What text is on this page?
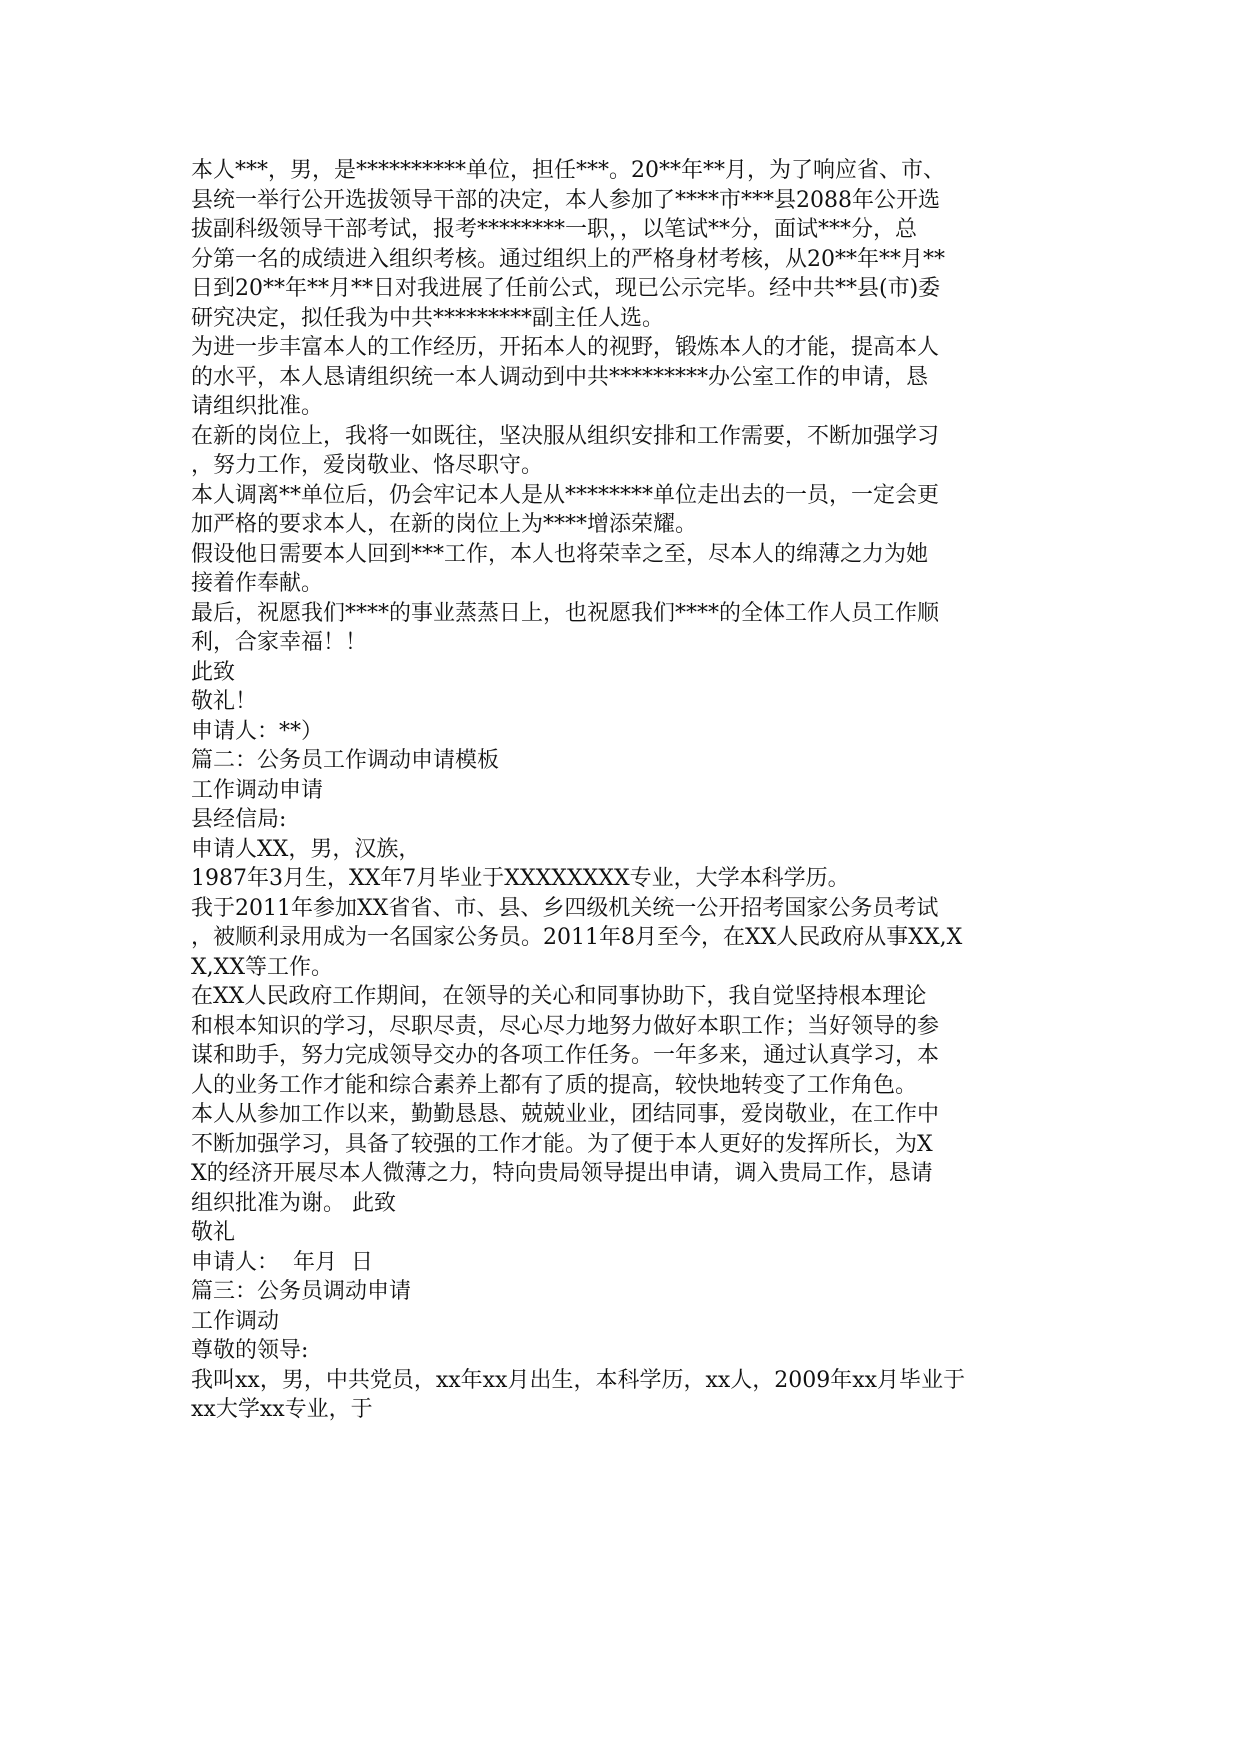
本人***，男，是**********单位，担任***。20**年**月，为了响应省、市、
县统一举行公开选拔领导干部的决定，本人参加了****市***县2088年公开选
拔副科级领导干部考试，报考********一职，，以笔试**分，面试***分，总
分第一名的成绩进入组织考核。通过组织上的严格身材考核，从20**年**月**
日到20**年**月**日对我进展了任前公式，现已公示完毕。经中共**县(市)委
研究决定，拟任我为中共*********副主任人选。
为进一步丰富本人的工作经历，开拓本人的视野，锻炼本人的才能，提高本人
的水平，本人恳请组织统一本人调动到中共*********办公室工作的申请，恳
请组织批准。
在新的岗位上，我将一如既往，坚决服从组织安排和工作需要，不断加强学习
，努力工作，爱岗敬业、恪尽职守。
本人调离**单位后，仍会牢记本人是从********单位走出去的一员，一定会更
加严格的要求本人，在新的岗位上为****增添荣耀。
假设他日需要本人回到***工作，本人也将荣幸之至，尽本人的绵薄之力为她
接着作奉献。
最后，祝愿我们****的事业蒸蒸日上，也祝愿我们****的全体工作人员工作顺
利，合家幸福！！
此致
敬礼！
申请人：**）
篇二：公务员工作调动申请模板
工作调动申请
县经信局:
申请人XX，男，汉族，
1987年3月生，XX年7月毕业于XXXXXXXX专业，大学本科学历。
我于2011年参加XX省省、市、县、乡四级机关统一公开招考国家公务员考试
，被顺利录用成为一名国家公务员。2011年8月至今，在XX人民政府从事XX,X
X,XX等工作。
在XX人民政府工作期间，在领导的关心和同事协助下，我自觉坚持根本理论
和根本知识的学习，尽职尽责，尽心尽力地努力做好本职工作；当好领导的参
谋和助手，努力完成领导交办的各项工作任务。一年多来，通过认真学习，本
人的业务工作才能和综合素养上都有了质的提高，较快地转变了工作角色。
本人从参加工作以来，勤勤恳恳、兢兢业业，团结同事，爱岗敬业，在工作中
不断加强学习，具备了较强的工作才能。为了便于本人更好的发挥所长，为X
X的经济开展尽本人微薄之力，特向贵局领导提出申请，调入贵局工作，恳请
组织批准为谢。 此致
敬礼
申请人：  年月  日
篇三：公务员调动申请
工作调动
尊敬的领导:
我叫xx，男，中共党员，xx年xx月出生，本科学历，xx人，2009年xx月毕业于
xx大学xx专业，于
